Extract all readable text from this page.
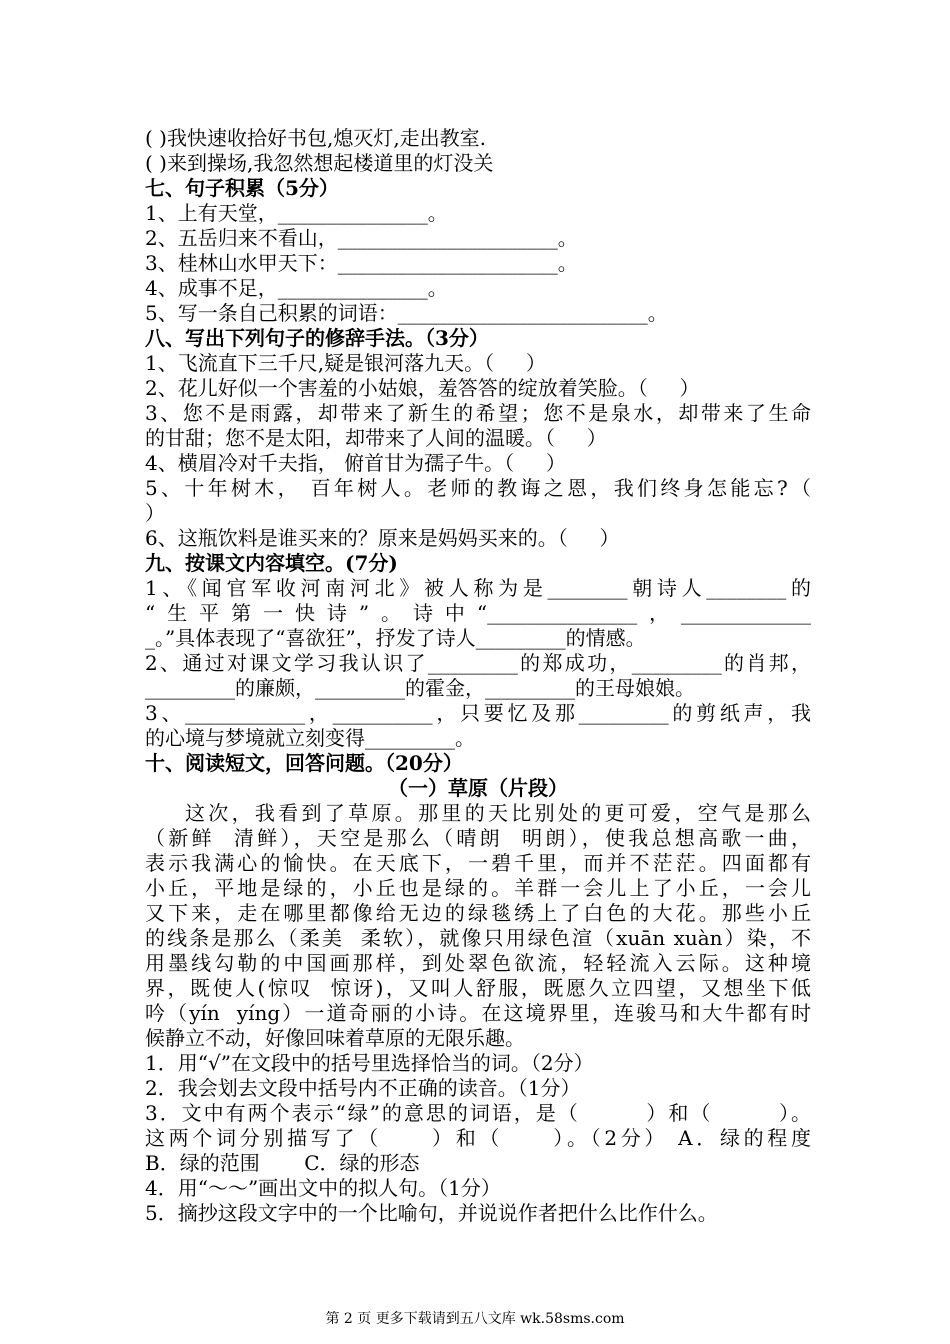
( )我快速收拾好书包,熄灭灯,走出教室.
( )来到操场,我忽然想起楼道里的灯没关
七、句子积累（5分）
1、上有天堂，_______________。
2、五岳归来不看山，______________________。
3、桂林山水甲天下：______________________。
4、成事不足，_______________。
5、写一条自己积累的词语：_________________________。
八、写出下列句子的修辞手法。（3分）
1、飞流直下三千尺,疑是银河落九天。（     ）
2、花儿好似一个害羞的小姑娘，羞答答的绽放着笑脸。（     ）
3、您不是雨露，却带来了新生的希望；您不是泉水，却带来了生命
的甘甜；您不是太阳，却带来了人间的温暖。（     ）
4、横眉冷对千夫指， 俯首甘为孺子牛。（     ）
5、十年树木， 百年树人。老师的教诲之恩，我们终身怎能忘?（
）
6、这瓶饮料是谁买来的？原来是妈妈买来的。（     ）
九、按课文内容填空。(7分)
1、《闻官军收河南河北》被人称为是________朝诗人________的
“生平第一快诗”。诗中“_______________，_____________
_。”具体表现了“喜欲狂”，抒发了诗人_________的情感。
2、通过对课文学习我认识了_________的郑成功，_________的肖邦，
_________的廉颇，_________的霍金，_________的王母娘娘。
3、____________，__________，只要忆及那_________的剪纸声，我
的心境与梦境就立刻变得_________。
十、阅读短文，回答问题。（20分）
（一）草原（片段）
这次，我看到了草原。那里的天比别处的更可爱，空气是那么
（新鲜  清鲜），天空是那么（晴朗  明朗），使我总想高歌一曲，
表示我满心的愉快。在天底下，一碧千里，而并不茫茫。四面都有
小丘，平地是绿的，小丘也是绿的。羊群一会儿上了小丘，一会儿
又下来，走在哪里都像给无边的绿毯绣上了白色的大花。那些小丘
的线条是那么（柔美  柔软），就像只用绿色渲（xuān xuàn）染，不
用墨线勾勒的中国画那样，到处翠色欲流，轻轻流入云际。这种境
界，既使人(惊叹  惊讶)，又叫人舒服，既愿久立四望，又想坐下低
吟（yín  yíng）一道奇丽的小诗。在这境界里，连骏马和大牛都有时
候静立不动，好像回味着草原的无限乐趣。
1．用“√”在文段中的括号里选择恰当的词。（2分）
2．我会划去文段中括号内不正确的读音。（1分）
3．文中有两个表示“绿”的意思的词语，是（        ）和（        ）。
这两个词分别描写了（     ）和（     ）。（2分） A．绿的程度
B．绿的范围       C．绿的形态
4．用“～～”画出文中的拟人句。（1分）
5．摘抄这段文字中的一个比喻句，并说说作者把什么比作什么。
第 2 页 更多下载请到五八文库 wk.58sms.com
